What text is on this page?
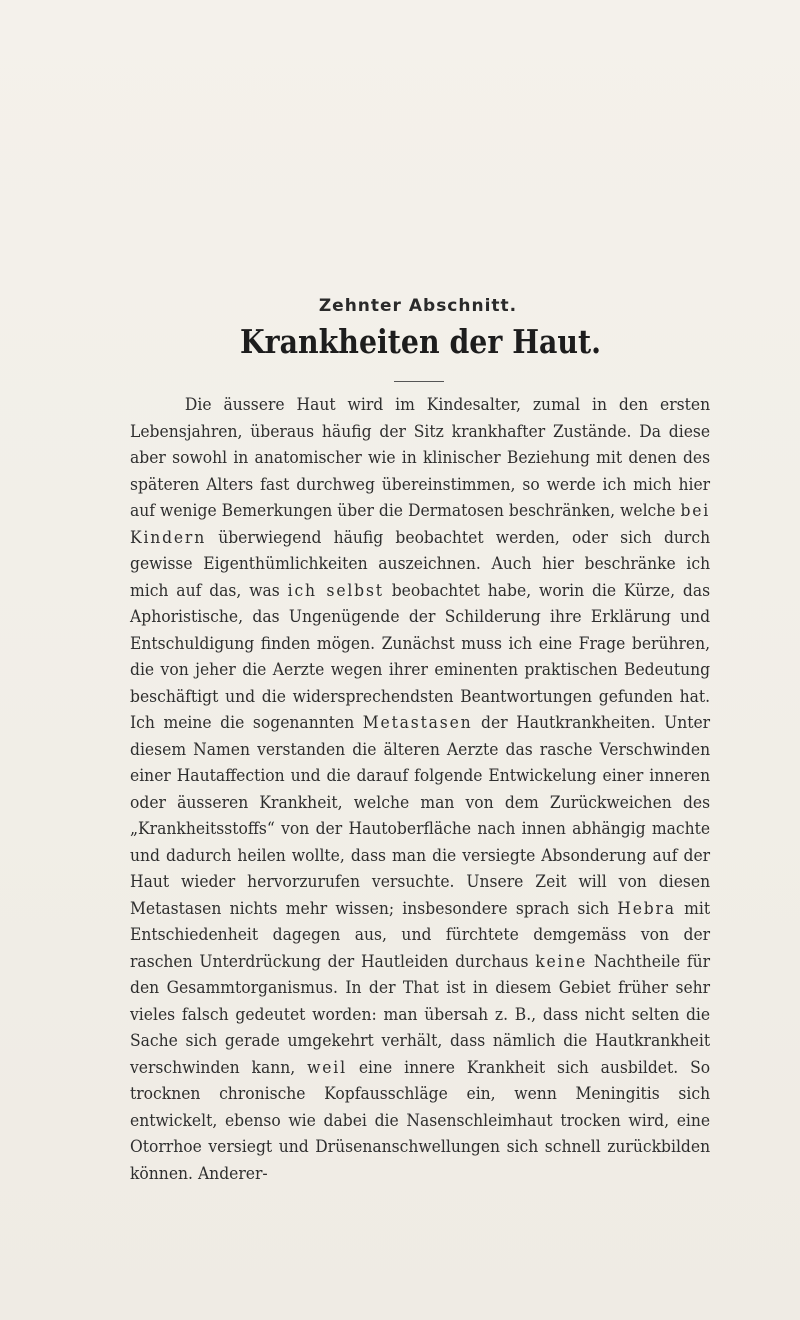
Zehnter Abschnitt.
Krankheiten der Haut.

Die äussere Haut wird im Kindesalter, zumal in den ersten Lebensjahren, überaus häufig der Sitz krankhafter Zustände. Da diese aber sowohl in anatomischer wie in klinischer Beziehung mit denen des späteren Alters fast durchweg übereinstimmen, so werde ich mich hier auf wenige Bemerkungen über die Dermatosen beschränken, welche bei Kindern überwiegend häufig beobachtet werden, oder sich durch gewisse Eigenthümlichkeiten auszeichnen. Auch hier beschränke ich mich auf das, was ich selbst beobachtet habe, worin die Kürze, das Aphoristische, das Ungenügende der Schilderung ihre Erklärung und Entschuldigung finden mögen. Zunächst muss ich eine Frage berühren, die von jeher die Aerzte wegen ihrer eminenten praktischen Bedeutung beschäftigt und die widersprechendsten Beantwortungen gefunden hat. Ich meine die sogenannten Metastasen der Hautkrankheiten. Unter diesem Namen verstanden die älteren Aerzte das rasche Verschwinden einer Hautaffection und die darauf folgende Entwickelung einer inneren oder äusseren Krankheit, welche man von dem Zurückweichen des „Krankheitsstoffs“ von der Hautoberfläche nach innen abhängig machte und dadurch heilen wollte, dass man die versiegte Absonderung auf der Haut wieder hervorzurufen versuchte. Unsere Zeit will von diesen Metastasen nichts mehr wissen; insbesondere sprach sich Hebra mit Entschiedenheit dagegen aus, und fürchtete demgemäss von der raschen Unterdrückung der Hautleiden durchaus keine Nachtheile für den Gesammtorganismus. In der That ist in diesem Gebiet früher sehr vieles falsch gedeutet worden: man übersah z. B., dass nicht selten die Sache sich gerade umgekehrt verhält, dass nämlich die Hautkrankheit verschwinden kann, weil eine innere Krankheit sich ausbildet. So trocknen chronische Kopfausschläge ein, wenn Meningitis sich entwickelt, ebenso wie dabei die Nasenschleimhaut trocken wird, eine Otorrhoe versiegt und Drüsenanschwellungen sich schnell zurückbilden können. Anderer-
